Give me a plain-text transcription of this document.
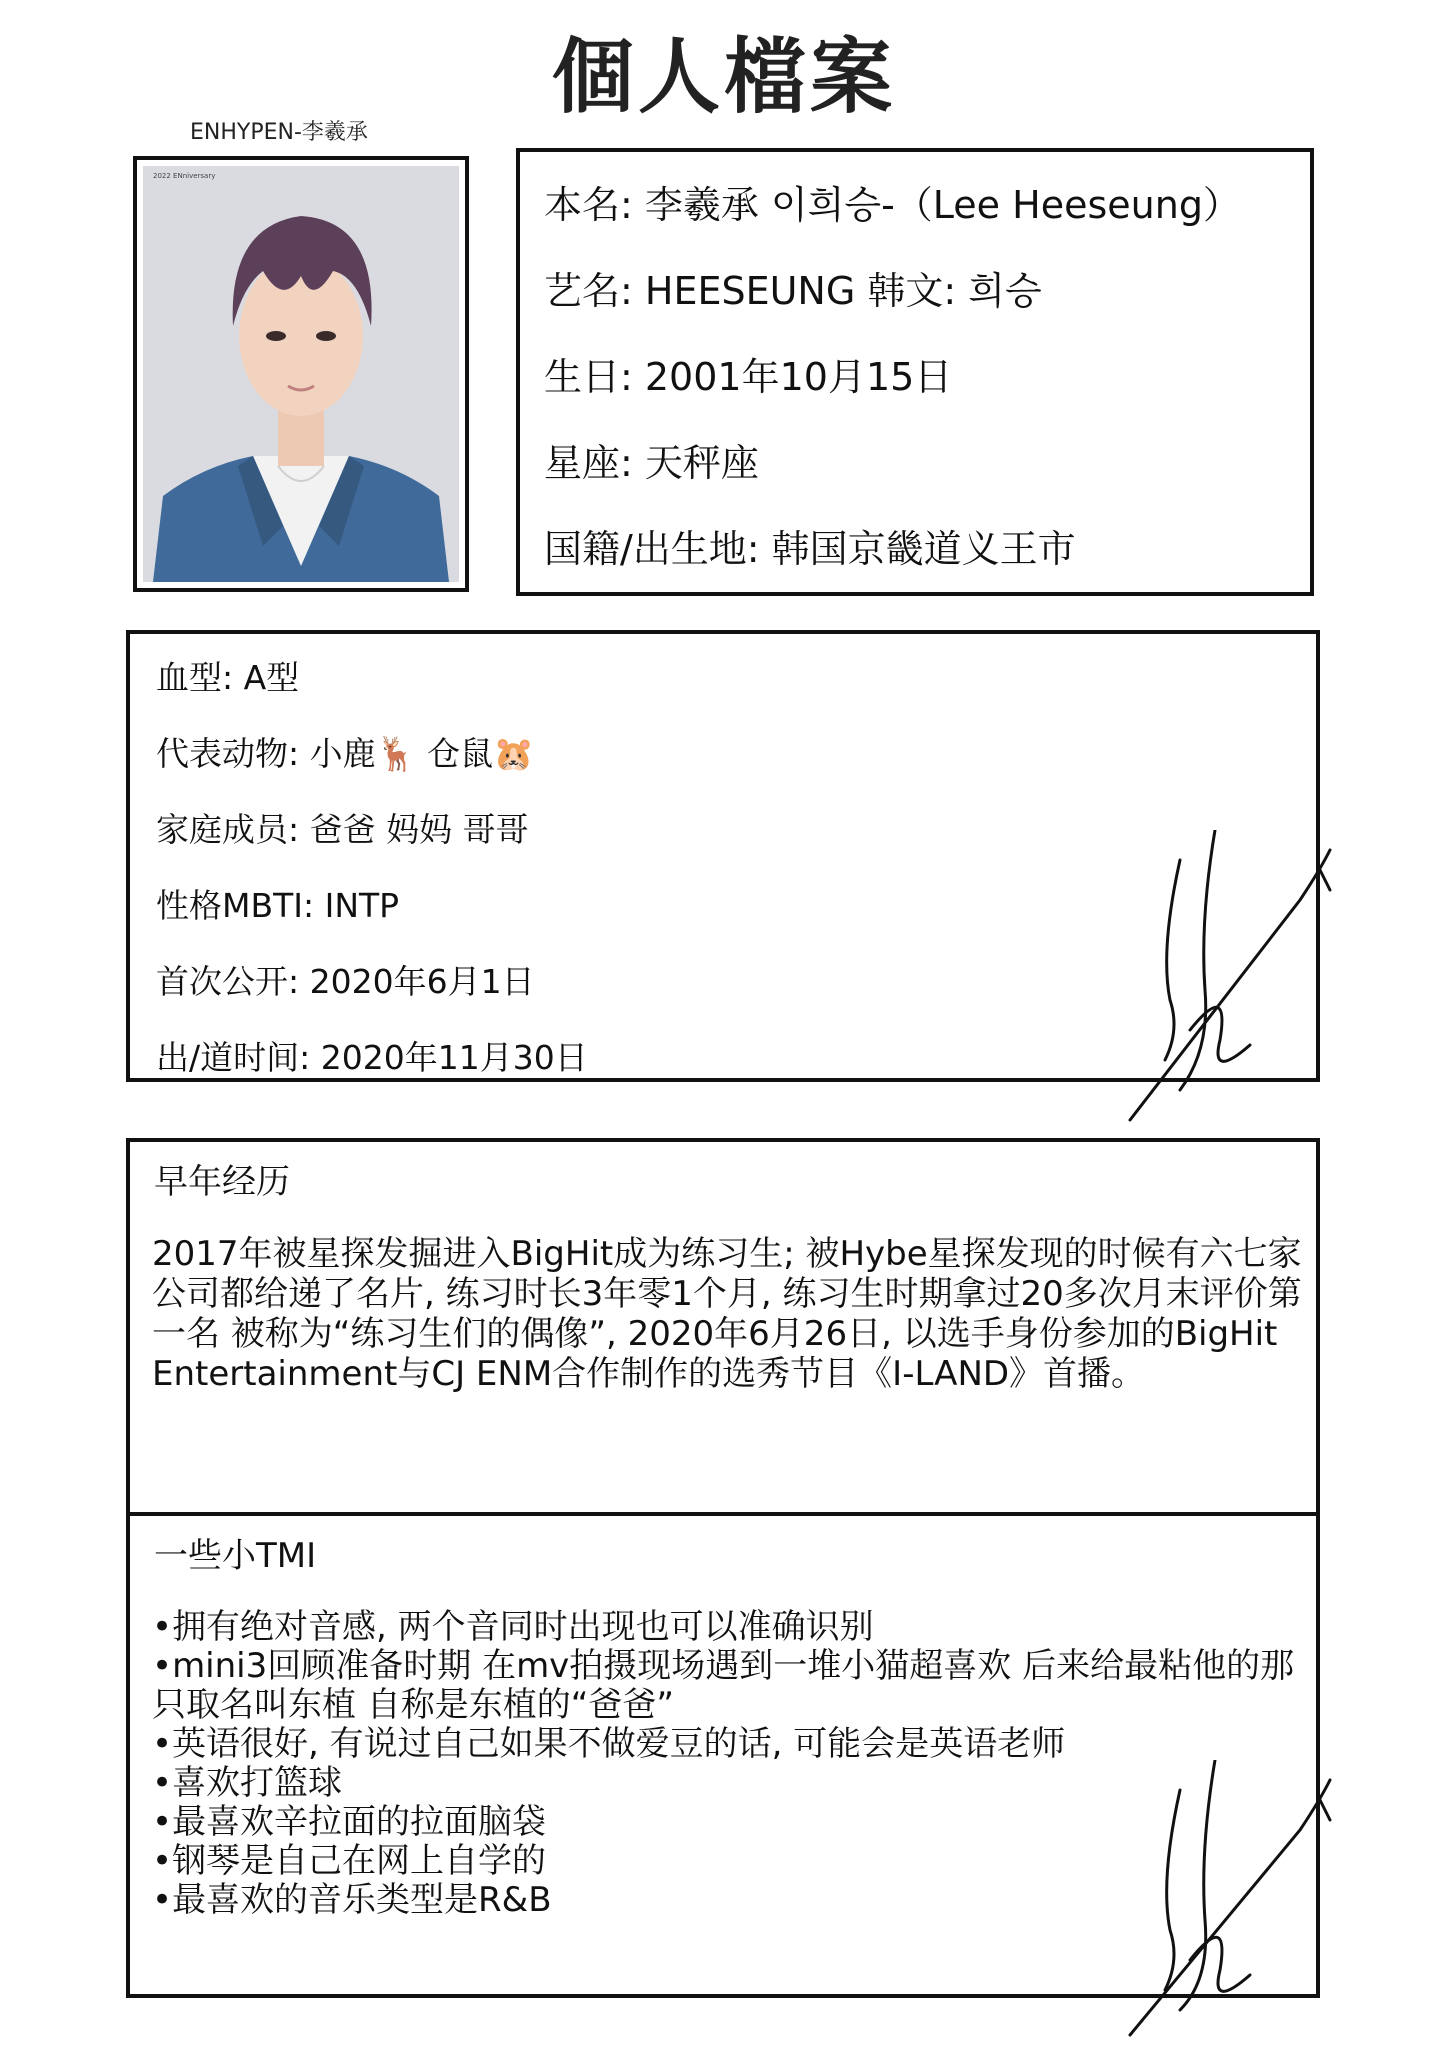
個人檔案
ENHYPEN-李羲承
2022 ENniversary
本名: 李羲承 이희승-（Lee Heeseung）
艺名: HEESEUNG 韩文: 희승
生日: 2001年10月15日
星座: 天秤座
国籍/出生地: 韩国京畿道义王市
血型: A型
代表动物: 小鹿🦌 仓鼠🐹
家庭成员: 爸爸 妈妈 哥哥
性格MBTI: INTP
首次公开: 2020年6月1日
出/道时间: 2020年11月30日
早年经历
2017年被星探发掘进入BigHit成为练习生; 被Hybe星探发现的时候有六七家公司都给递了名片, 练习时长3年零1个月, 练习生时期拿过20多次月末评价第一名 被称为“练习生们的偶像”, 2020年6月26日, 以选手身份参加的BigHit Entertainment与CJ ENM合作制作的选秀节目《I-LAND》首播。
一些小TMI
• 拥有绝对音感, 两个音同时出现也可以准确识别
• mini3回顾准备时期 在mv拍摄现场遇到一堆小猫超喜欢 后来给最粘他的那只取名叫东植 自称是东植的“爸爸”
• 英语很好, 有说过自己如果不做爱豆的话, 可能会是英语老师
• 喜欢打篮球
• 最喜欢辛拉面的拉面脑袋
• 钢琴是自己在网上自学的
• 最喜欢的音乐类型是R&B
